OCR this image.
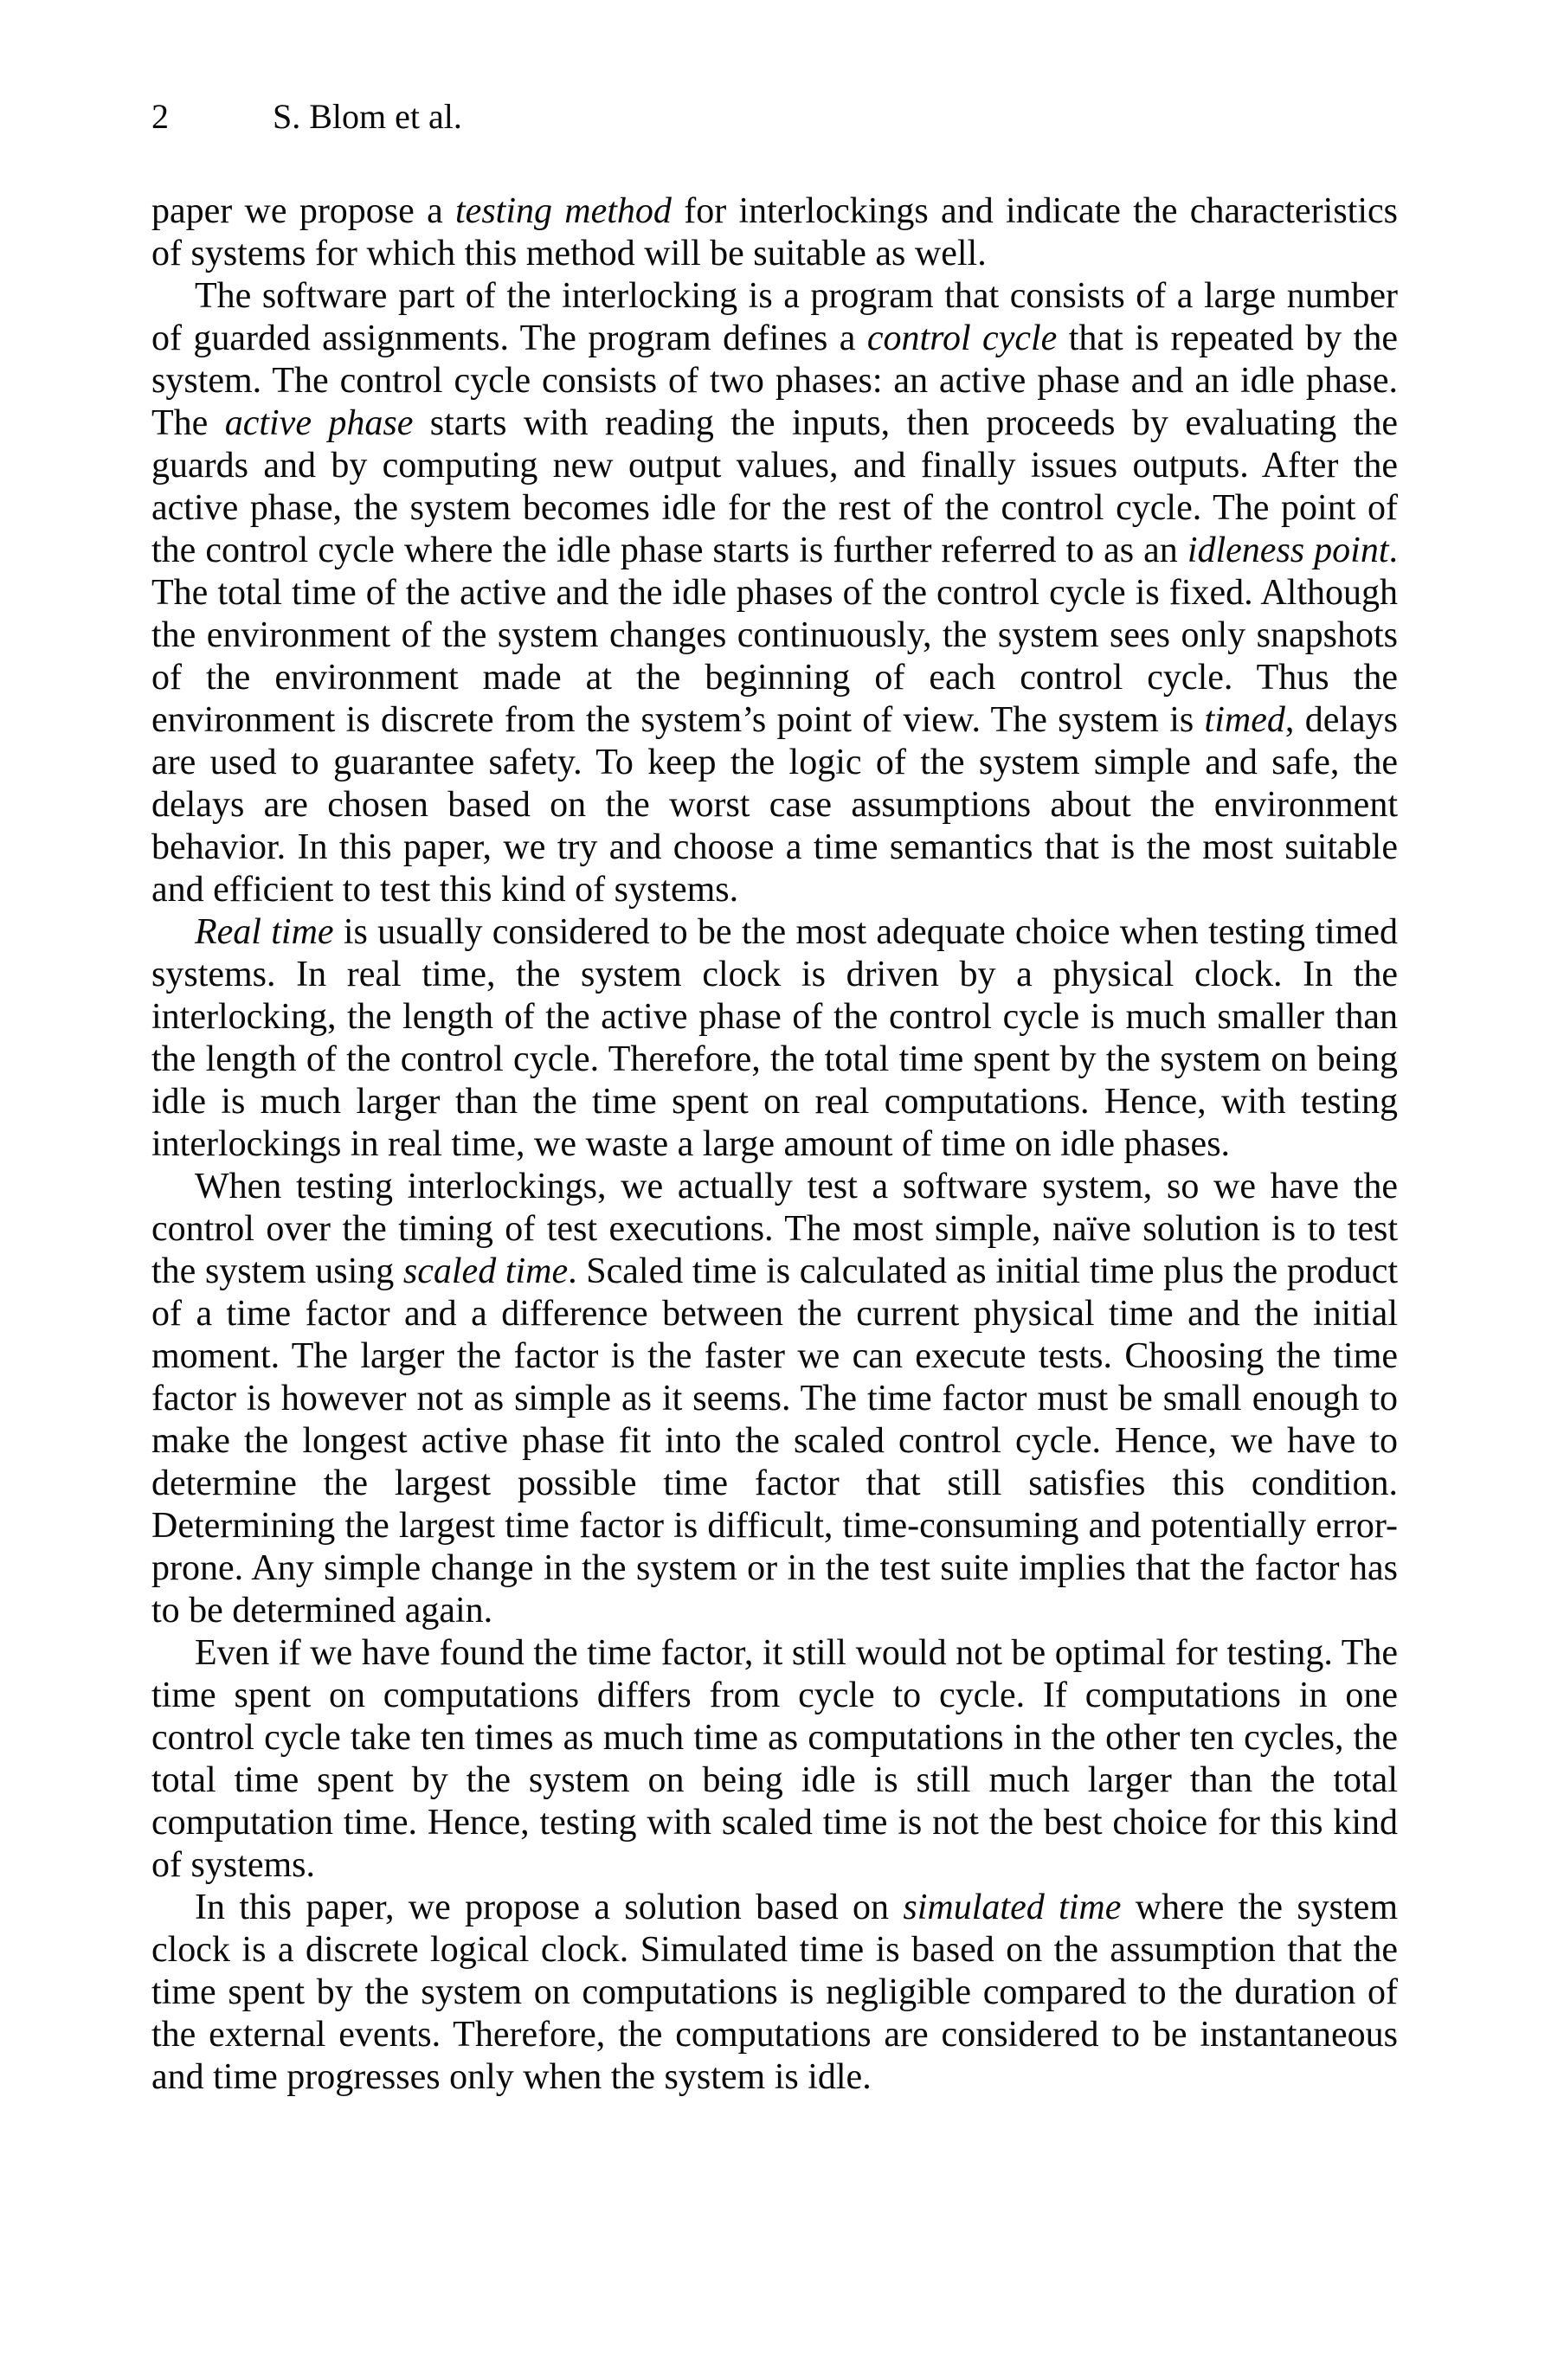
2	S. Blom et al.

paper we propose a testing method for interlockings and indicate the characteristics of systems for which this method will be suitable as well.

The software part of the interlocking is a program that consists of a large number of guarded assignments. The program defines a control cycle that is repeated by the system. The control cycle consists of two phases: an active phase and an idle phase. The active phase starts with reading the inputs, then proceeds by evaluating the guards and by computing new output values, and finally issues outputs. After the active phase, the system becomes idle for the rest of the control cycle. The point of the control cycle where the idle phase starts is further referred to as an idleness point. The total time of the active and the idle phases of the control cycle is fixed. Although the environment of the system changes continuously, the system sees only snapshots of the environment made at the beginning of each control cycle. Thus the environment is discrete from the system’s point of view. The system is timed, delays are used to guarantee safety. To keep the logic of the system simple and safe, the delays are chosen based on the worst case assumptions about the environment behavior. In this paper, we try and choose a time semantics that is the most suitable and efficient to test this kind of systems.

Real time is usually considered to be the most adequate choice when testing timed systems. In real time, the system clock is driven by a physical clock. In the interlocking, the length of the active phase of the control cycle is much smaller than the length of the control cycle. Therefore, the total time spent by the system on being idle is much larger than the time spent on real computations. Hence, with testing interlockings in real time, we waste a large amount of time on idle phases.

When testing interlockings, we actually test a software system, so we have the control over the timing of test executions. The most simple, naïve solution is to test the system using scaled time. Scaled time is calculated as initial time plus the product of a time factor and a difference between the current physical time and the initial moment. The larger the factor is the faster we can execute tests. Choosing the time factor is however not as simple as it seems. The time factor must be small enough to make the longest active phase fit into the scaled control cycle. Hence, we have to determine the largest possible time factor that still satisfies this condition. Determining the largest time factor is difficult, time-consuming and potentially error-prone. Any simple change in the system or in the test suite implies that the factor has to be determined again.

Even if we have found the time factor, it still would not be optimal for testing. The time spent on computations differs from cycle to cycle. If computations in one control cycle take ten times as much time as computations in the other ten cycles, the total time spent by the system on being idle is still much larger than the total computation time. Hence, testing with scaled time is not the best choice for this kind of systems.

In this paper, we propose a solution based on simulated time where the system clock is a discrete logical clock. Simulated time is based on the assumption that the time spent by the system on computations is negligible compared to the duration of the external events. Therefore, the computations are considered to be instantaneous and time progresses only when the system is idle.
